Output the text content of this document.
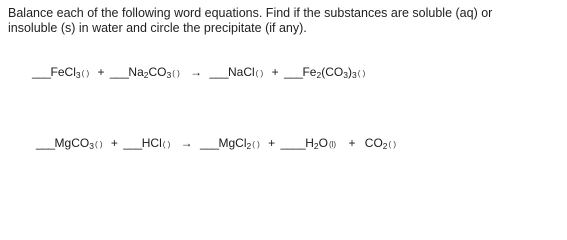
Balance each of the following word equations. Find if the substances are soluble (aq) or
insoluble (s) in water and circle the precipitate (if any).
___FeCl3( ) + ___Na2CO3( ) → ___NaCl( ) + ___Fe2(CO3)3( )
___MgCO3( ) + ___HCl( ) → ___MgCl2( ) + ____H2O(l) + CO2( )
